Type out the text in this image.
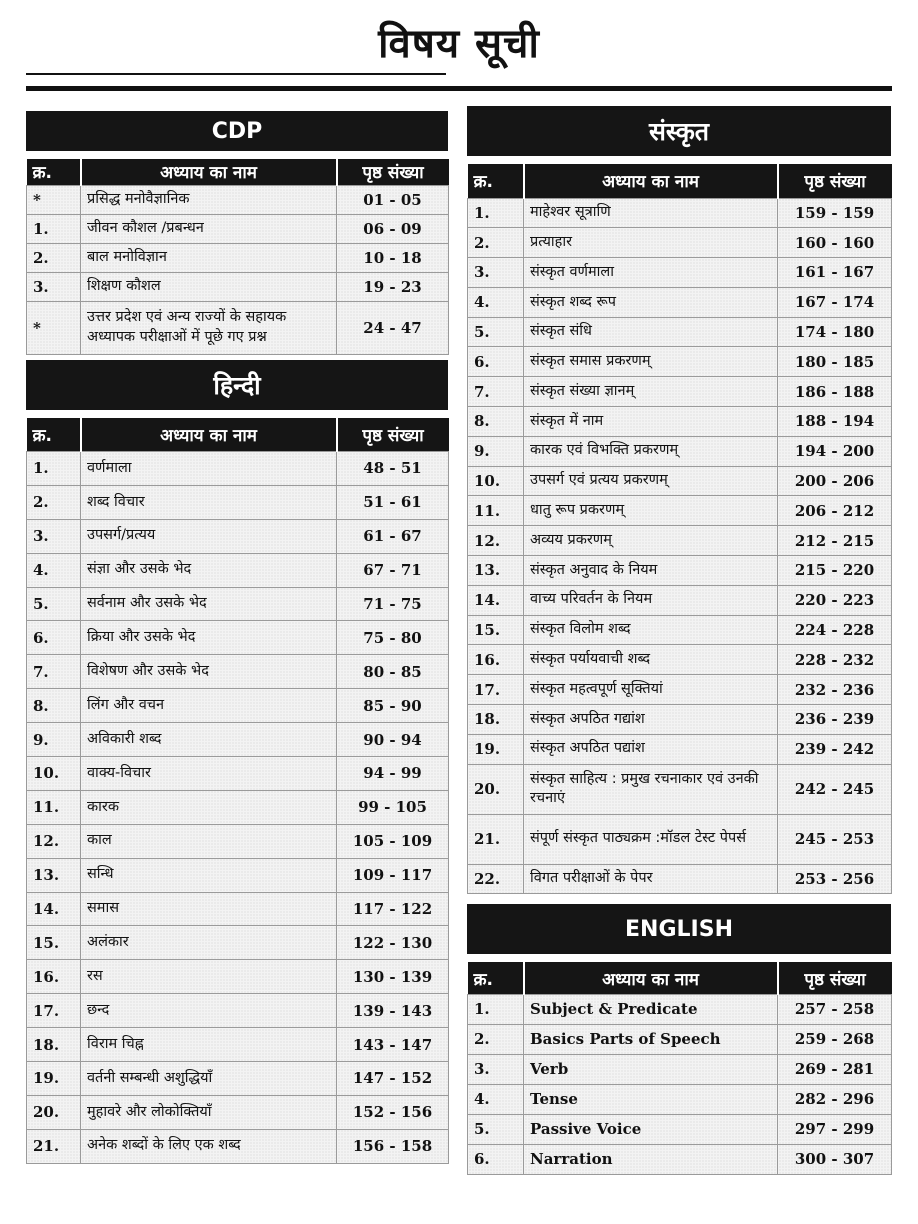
विषय सूची
CDP
क्र.	अध्याय का नाम	पृष्ठ संख्या
*	प्रसिद्ध मनोवैज्ञानिक	01 - 05
1.	जीवन कौशल /प्रबन्धन	06 - 09
2.	बाल मनोविज्ञान	10 - 18
3.	शिक्षण कौशल	19 - 23
*	उत्तर प्रदेश एवं अन्य राज्यों के सहायक अध्यापक परीक्षाओं में पूछे गए प्रश्न	24 - 47
हिन्दी
क्र.	अध्याय का नाम	पृष्ठ संख्या
1.	वर्णमाला	48 - 51
2.	शब्द विचार	51 - 61
3.	उपसर्ग/प्रत्यय	61 - 67
4.	संज्ञा और उसके भेद	67 - 71
5.	सर्वनाम और उसके भेद	71 - 75
6.	क्रिया और उसके भेद	75 - 80
7.	विशेषण और उसके भेद	80 - 85
8.	लिंग और वचन	85 - 90
9.	अविकारी शब्द	90 - 94
10.	वाक्य-विचार	94 - 99
11.	कारक	99 - 105
12.	काल	105 - 109
13.	सन्धि	109 - 117
14.	समास	117 - 122
15.	अलंकार	122 - 130
16.	रस	130 - 139
17.	छन्द	139 - 143
18.	विराम चिह्न	143 - 147
19.	वर्तनी सम्बन्धी अशुद्धियाँ	147 - 152
20.	मुहावरे और लोकोक्तियाँ	152 - 156
21.	अनेक शब्दों के लिए एक शब्द	156 - 158
संस्कृत
क्र.	अध्याय का नाम	पृष्ठ संख्या
1.	माहेश्वर सूत्राणि	159 - 159
2.	प्रत्याहार	160 - 160
3.	संस्कृत वर्णमाला	161 - 167
4.	संस्कृत शब्द रूप	167 - 174
5.	संस्कृत संधि	174 - 180
6.	संस्कृत समास प्रकरणम्	180 - 185
7.	संस्कृत संख्या ज्ञानम्	186 - 188
8.	संस्कृत में नाम	188 - 194
9.	कारक एवं विभक्ति प्रकरणम्	194 - 200
10.	उपसर्ग एवं प्रत्यय प्रकरणम्	200 - 206
11.	धातु रूप प्रकरणम्	206 - 212
12.	अव्यय प्रकरणम्	212 - 215
13.	संस्कृत अनुवाद के नियम	215 - 220
14.	वाच्य परिवर्तन के नियम	220 - 223
15.	संस्कृत विलोम शब्द	224 - 228
16.	संस्कृत पर्यायवाची शब्द	228 - 232
17.	संस्कृत महत्वपूर्ण सूक्तियां	232 - 236
18.	संस्कृत अपठित गद्यांश	236 - 239
19.	संस्कृत अपठित पद्यांश	239 - 242
20.	संस्कृत साहित्य : प्रमुख रचनाकार एवं उनकी रचनाएं	242 - 245
21.	संपूर्ण संस्कृत पाठ्यक्रम :मॉडल टेस्ट पेपर्स	245 - 253
22.	विगत परीक्षाओं के पेपर	253 - 256
ENGLISH
क्र.	अध्याय का नाम	पृष्ठ संख्या
1.	Subject & Predicate	257 - 258
2.	Basics Parts of Speech	259 - 268
3.	Verb	269 - 281
4.	Tense	282 - 296
5.	Passive Voice	297 - 299
6.	Narration	300 - 307
